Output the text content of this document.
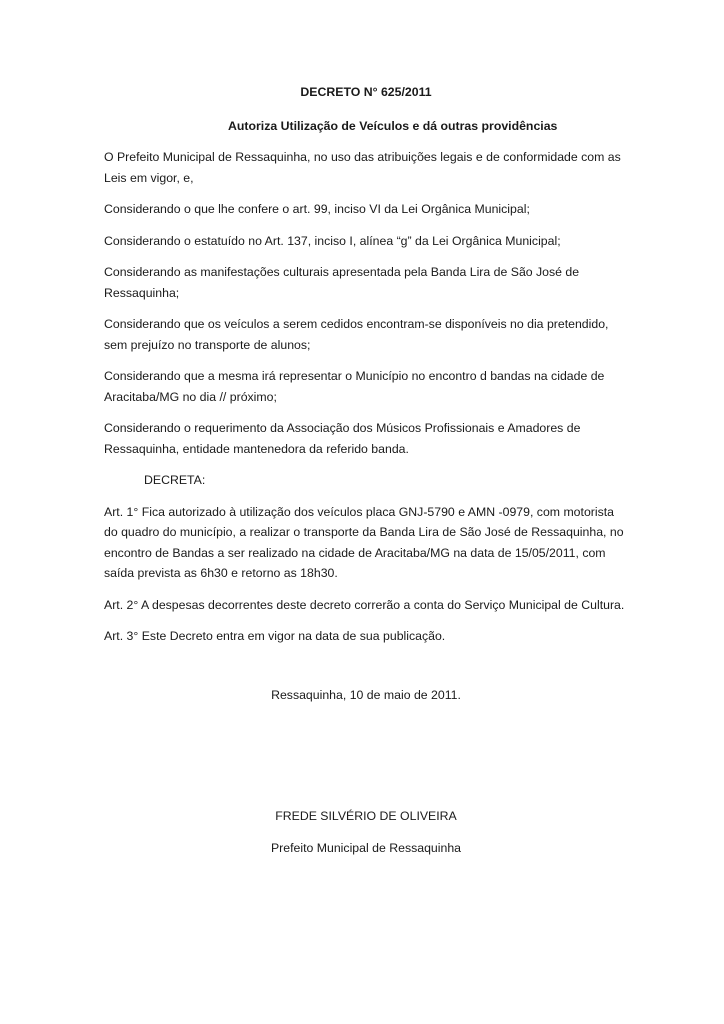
DECRETO N° 625/2011
Autoriza Utilização de Veículos e dá outras providências

O Prefeito Municipal de Ressaquinha, no uso das atribuições legais e de conformidade com as Leis em vigor, e,

Considerando o que lhe confere o art. 99, inciso VI da Lei Orgânica Municipal;

Considerando o estatuído no Art. 137, inciso I, alínea “g” da Lei Orgânica Municipal;

Considerando as manifestações culturais apresentada pela Banda Lira de São José de Ressaquinha;

Considerando que os veículos a serem cedidos encontram-se disponíveis no dia pretendido, sem prejuízo no transporte de alunos;

Considerando que a mesma irá representar o Município no encontro d bandas na cidade de Aracitaba/MG no dia // próximo;

Considerando o requerimento da Associação dos Músicos Profissionais e Amadores de Ressaquinha, entidade mantenedora da referido banda.

DECRETA:

Art. 1° Fica autorizado à utilização dos veículos placa GNJ-5790 e AMN -0979, com motorista do quadro do município, a realizar o transporte da Banda Lira de São José de Ressaquinha, no encontro de Bandas a ser realizado na cidade de Aracitaba/MG na data de 15/05/2011, com saída prevista as 6h30 e retorno as 18h30.

Art. 2° A despesas decorrentes deste decreto correrão a conta do Serviço Municipal de Cultura.

Art. 3° Este Decreto entra em vigor na data de sua publicação.

Ressaquinha, 10 de maio de 2011.
FREDE SILVÉRIO DE OLIVEIRA
Prefeito Municipal de Ressaquinha
